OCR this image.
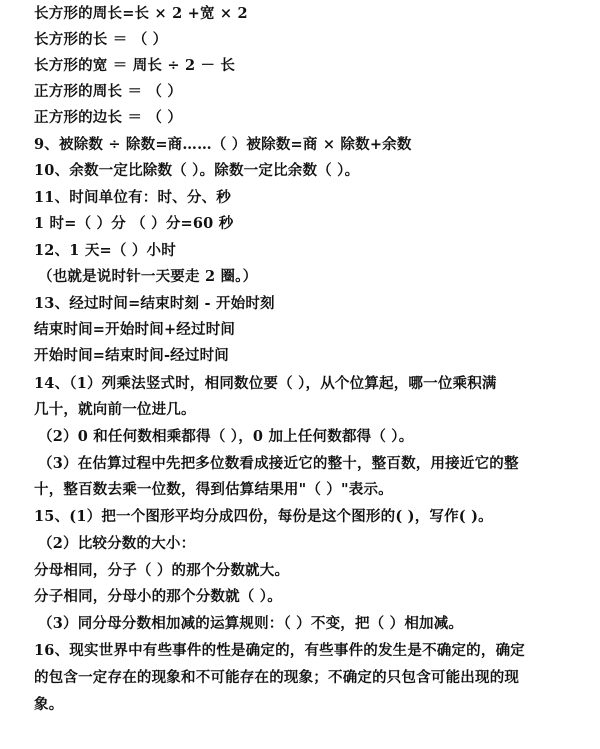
长方形的周长=长 × 2 +宽 × 2
长方形的长 ＝ （ ）
长方形的宽 ＝ 周长 ÷ 2 － 长
正方形的周长 ＝ （ ）
正方形的边长 ＝ （ ）
9、被除数 ÷ 除数=商……（ ）被除数=商 × 除数+余数
10、余数一定比除数（ ）。除数一定比余数（ ）。
11、时间单位有：时、分、秒
1 时=（ ）分 （ ）分=60 秒
12、1 天=（ ）小时
（也就是说时针一天要走 2 圈。）
13、经过时间=结束时刻 - 开始时刻
结束时间=开始时间+经过时间
开始时间=结束时间-经过时间
14、（1）列乘法竖式时，相同数位要（ ），从个位算起，哪一位乘积满
几十，就向前一位进几。
（2）0 和任何数相乘都得（ ），0 加上任何数都得（ ）。
（3）在估算过程中先把多位数看成接近它的整十，整百数，用接近它的整
十，整百数去乘一位数，得到估算结果用"（ ）"表示。
15、(1）把一个图形平均分成四份，每份是这个图形的( )，写作( )。
（2）比较分数的大小：
分母相同，分子（ ）的那个分数就大。
分子相同，分母小的那个分数就（ ）。
（3）同分母分数相加减的运算规则：（ ）不变，把（ ）相加减。
16、现实世界中有些事件的性是确定的，有些事件的发生是不确定的，确定
的包含一定存在的现象和不可能存在的现象；不确定的只包含可能出现的现
象。
